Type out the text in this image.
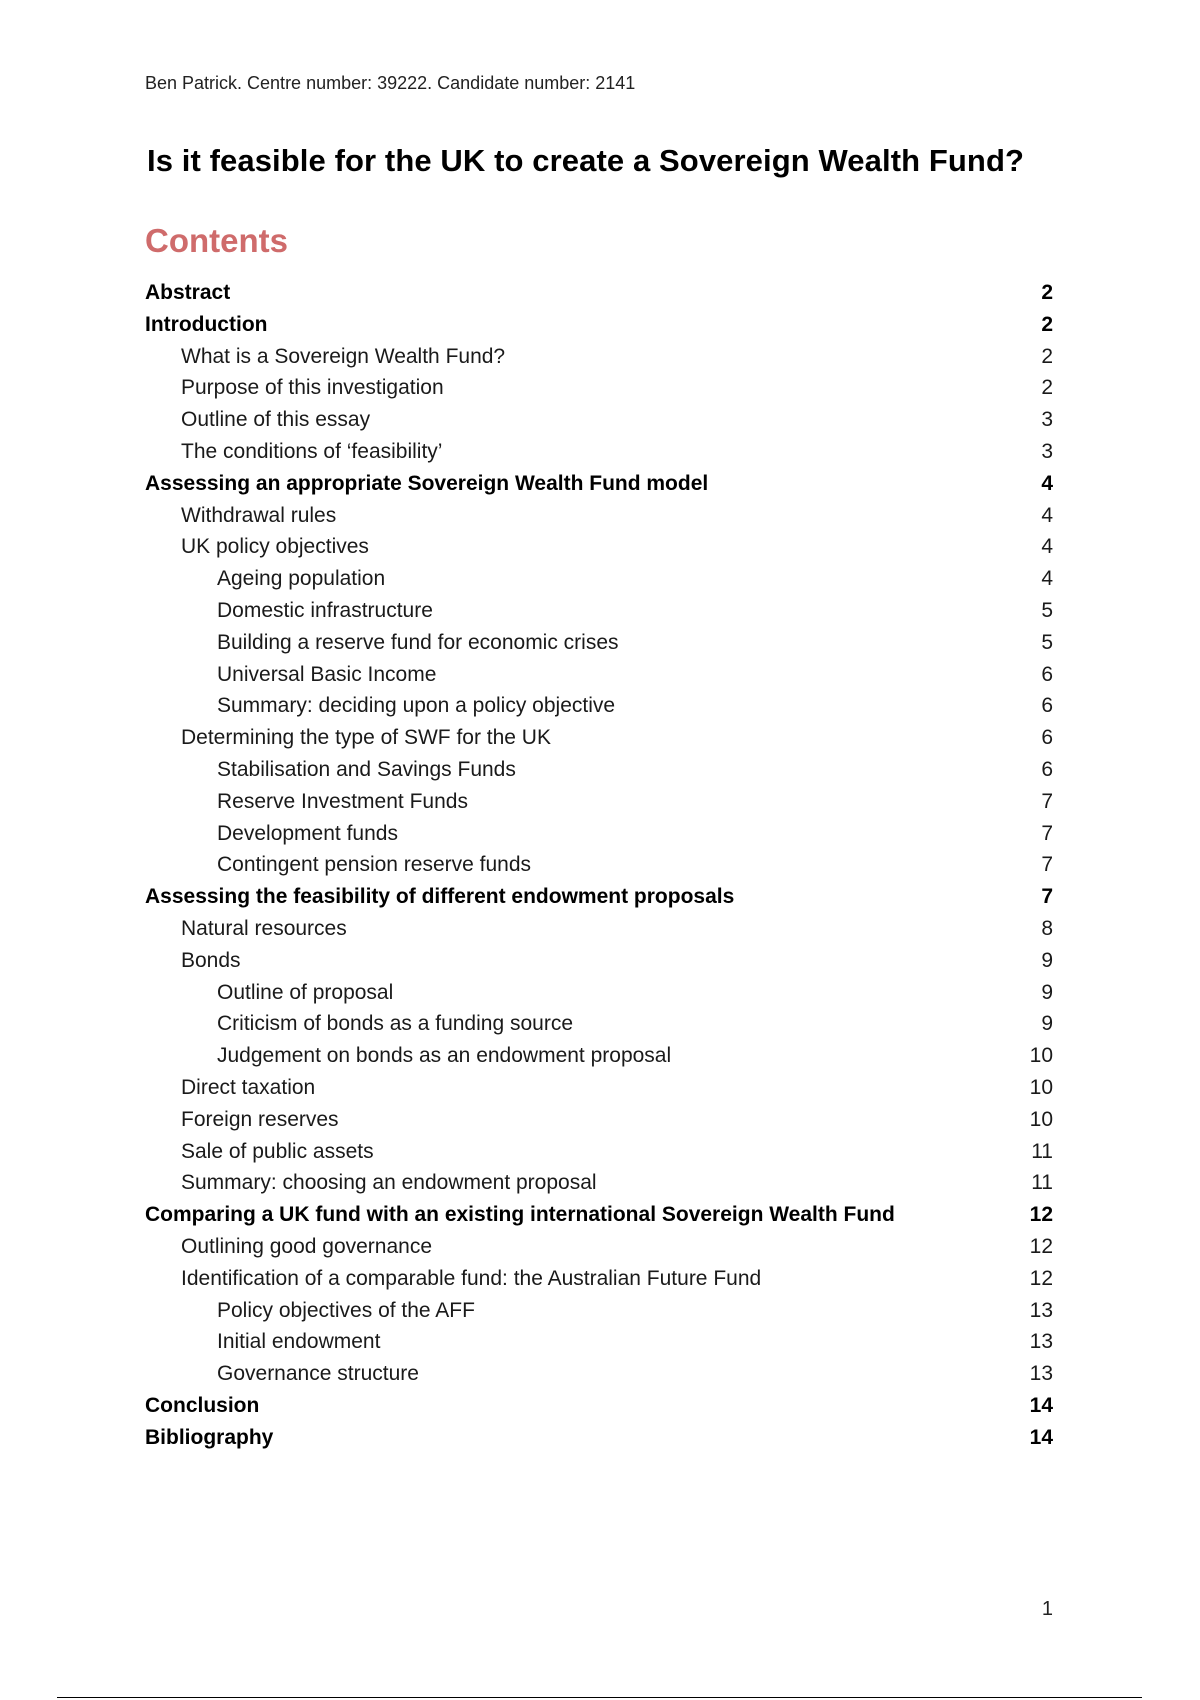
Ben Patrick. Centre number: 39222. Candidate number: 2141
Is it feasible for the UK to create a Sovereign Wealth Fund?
Contents
Abstract	2
Introduction	2
What is a Sovereign Wealth Fund?	2
Purpose of this investigation	2
Outline of this essay	3
The conditions of ‘feasibility’	3
Assessing an appropriate Sovereign Wealth Fund model	4
Withdrawal rules	4
UK policy objectives	4
Ageing population	4
Domestic infrastructure	5
Building a reserve fund for economic crises	5
Universal Basic Income	6
Summary: deciding upon a policy objective	6
Determining the type of SWF for the UK	6
Stabilisation and Savings Funds	6
Reserve Investment Funds	7
Development funds	7
Contingent pension reserve funds	7
Assessing the feasibility of different endowment proposals	7
Natural resources	8
Bonds	9
Outline of proposal	9
Criticism of bonds as a funding source	9
Judgement on bonds as an endowment proposal	10
Direct taxation	10
Foreign reserves	10
Sale of public assets	11
Summary: choosing an endowment proposal	11
Comparing a UK fund with an existing international Sovereign Wealth Fund	12
Outlining good governance	12
Identification of a comparable fund: the Australian Future Fund	12
Policy objectives of the AFF	13
Initial endowment	13
Governance structure	13
Conclusion	14
Bibliography	14
1
